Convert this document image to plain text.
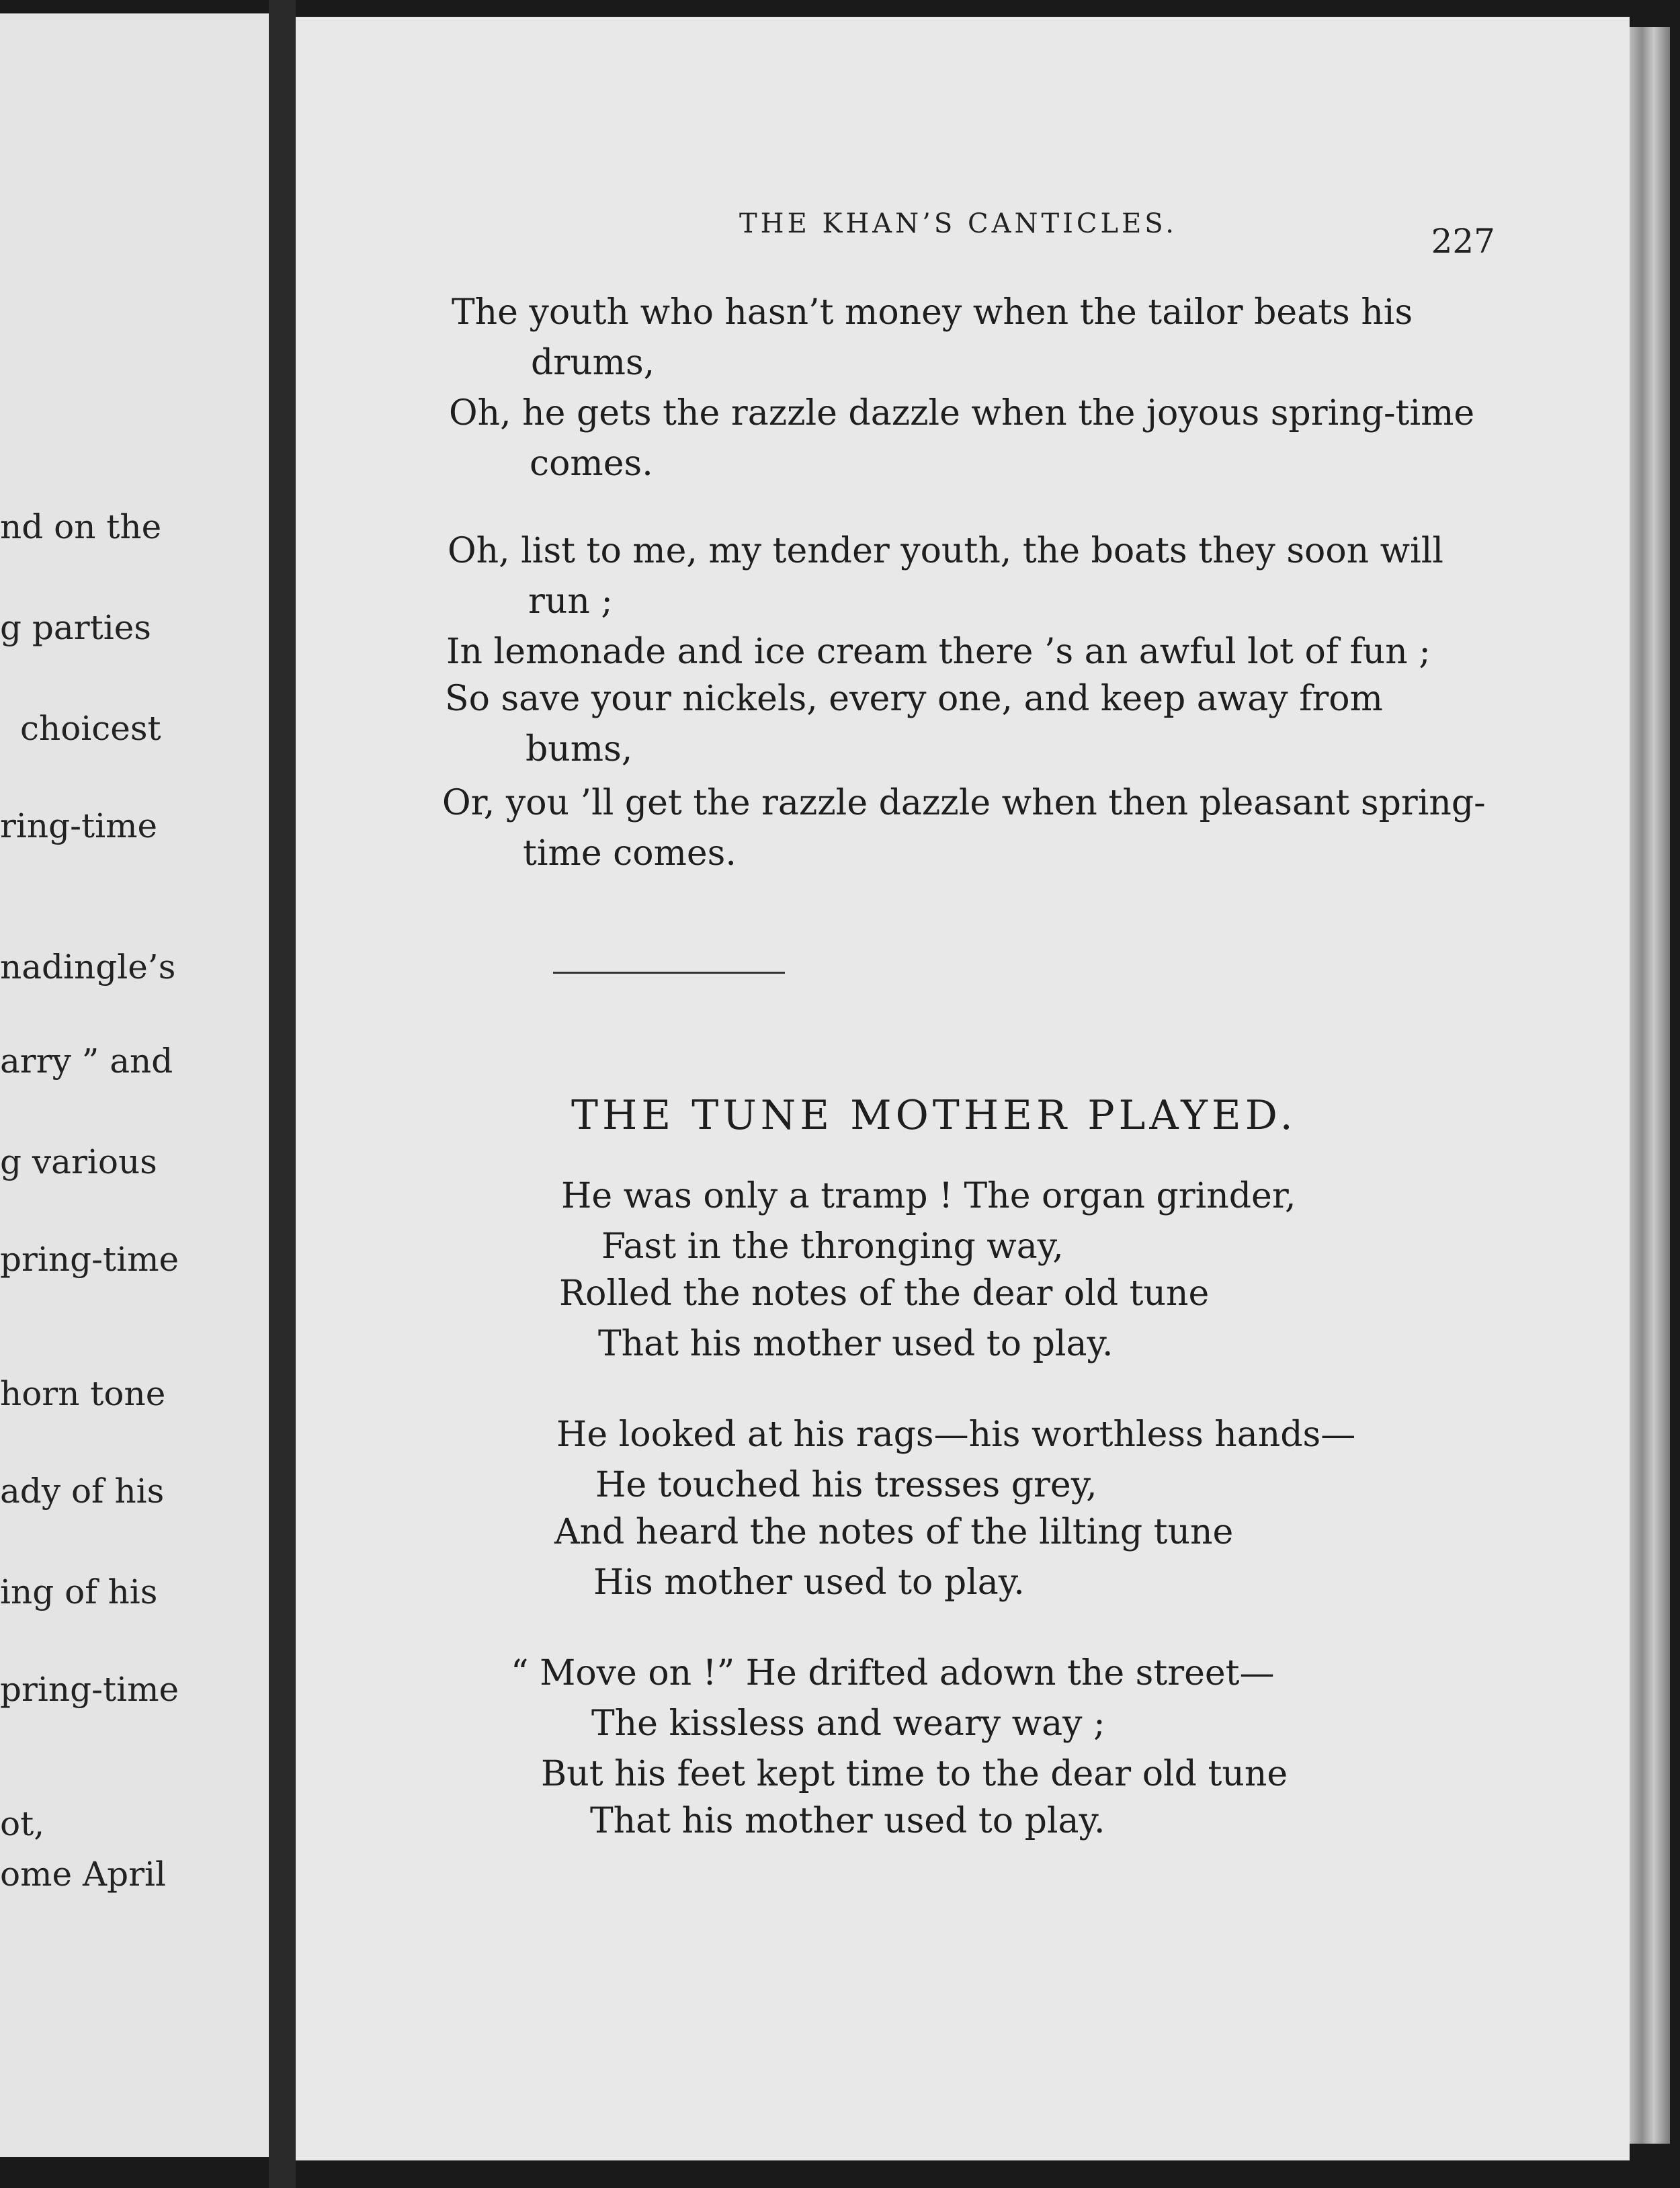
nd on the
g parties
choicest
ring-time
nadingle’s
arry ” and
g various
pring-time
horn tone
ady of his
ing of his
pring-time
ot,
ome April
THE KHAN’S CANTICLES.	227
The youth who hasn’t money when the tailor beats his
drums,
Oh, he gets the razzle dazzle when the joyous spring-time
comes.
Oh, list to me, my tender youth, the boats they soon will
run ;
In lemonade and ice cream there ’s an awful lot of fun ;
So save your nickels, every one, and keep away from
bums,
Or, you ’ll get the razzle dazzle when then pleasant spring-
time comes.
THE TUNE MOTHER PLAYED.
He was only a tramp ! The organ grinder,
Fast in the thronging way,
Rolled the notes of the dear old tune
That his mother used to play.
He looked at his rags—his worthless hands—
He touched his tresses grey,
And heard the notes of the lilting tune
His mother used to play.
“ Move on !” He drifted adown the street—
The kissless and weary way ;
But his feet kept time to the dear old tune
That his mother used to play.
